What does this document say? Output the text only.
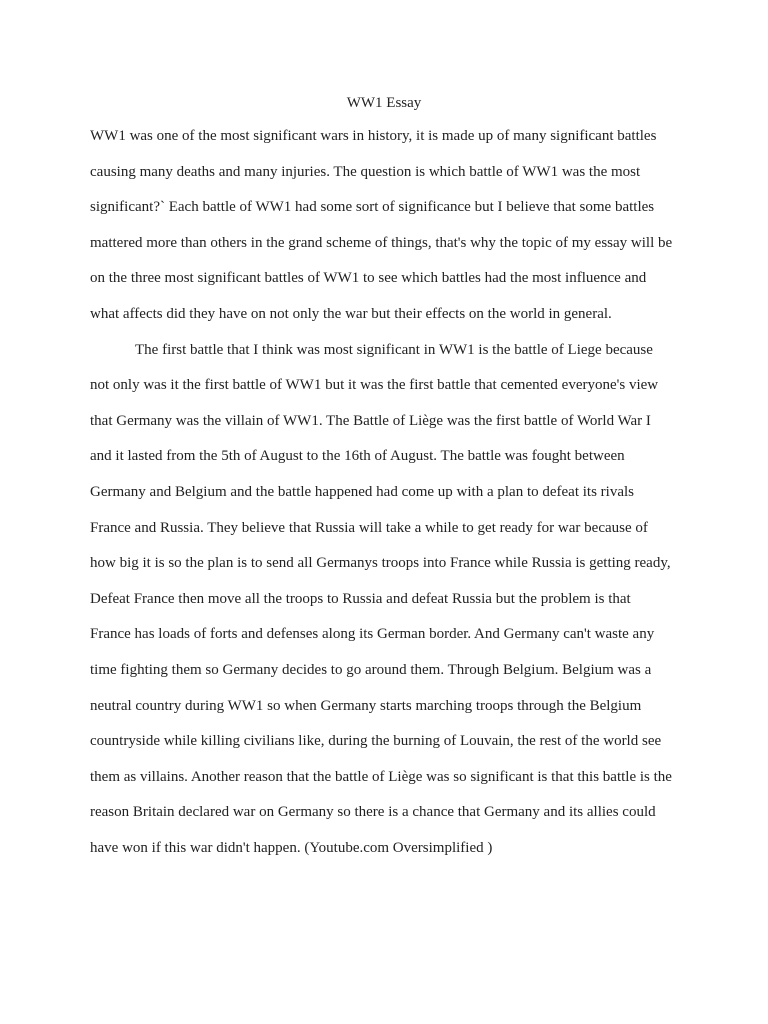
WW1 Essay
WW1 was one of the most significant wars in history, it is made up of many significant battles
causing many deaths and many injuries. The question is which battle of WW1 was the most
significant?` Each battle of WW1 had some sort of significance but I believe that some battles
mattered more than others in the grand scheme of things, that's why the topic of my essay will be
on the three most significant battles of WW1 to see which battles had the most influence and
what affects did they have on not only the war but their effects on the world in general.
The first battle that I think was most significant in WW1 is the battle of Liege because
not only was it the first battle of WW1 but it was the first battle that cemented everyone's view
that Germany was the villain of WW1. The Battle of Liège was the first battle of World War I
and it lasted from the 5th of August to the 16th of August. The battle was fought between
Germany and Belgium and the battle happened had come up with a plan to defeat its rivals
France and Russia. They believe that Russia will take a while to get ready for war because of
how big it is so the plan is to send all Germanys troops into France while Russia is getting ready,
Defeat France then move all the troops to Russia and defeat Russia but the problem is that
France has loads of forts and defenses along its German border. And Germany can't waste any
time fighting them so Germany decides to go around them. Through Belgium. Belgium was a
neutral country during WW1 so when Germany starts marching troops through the Belgium
countryside while killing civilians like, during the burning of Louvain, the rest of the world see
them as villains. Another reason that the battle of Liège was so significant is that this battle is the
reason Britain declared war on Germany so there is a chance that Germany and its allies could
have won if this war didn't happen. (Youtube.com Oversimplified )
